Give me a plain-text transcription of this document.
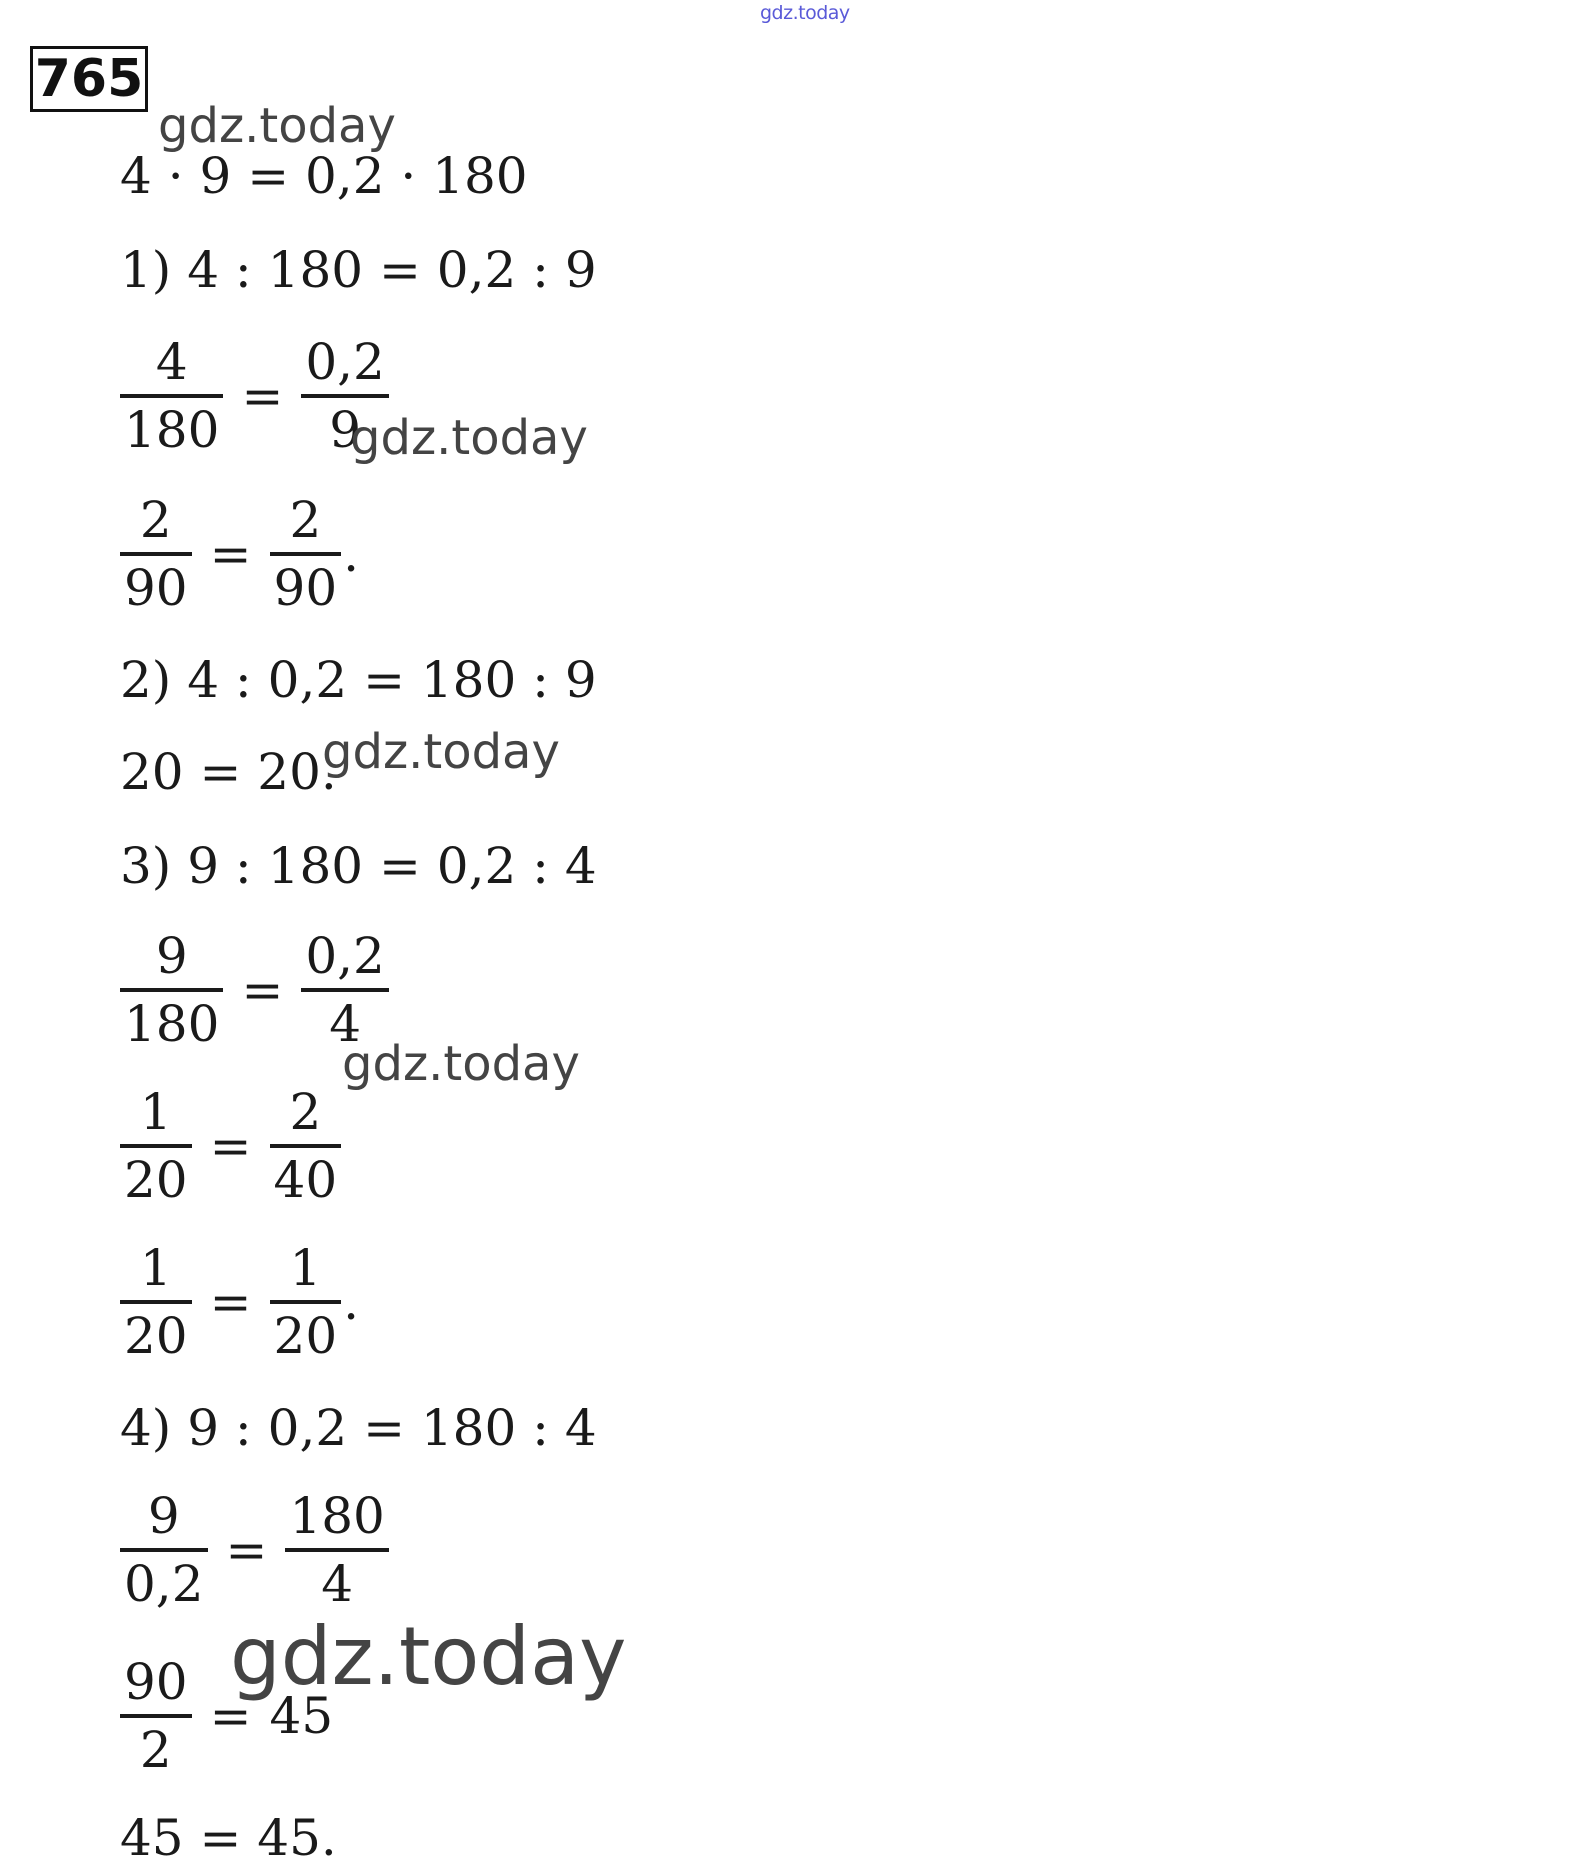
gdz.today
765
gdz.today
4 · 9 = 0,2 · 180
1) 4 : 180 = 0,2 : 9
$\frac{4}{180} = \frac{0,2}{9}$
gdz.today
$\frac{2}{90} = \frac{2}{90}$ .
2) 4 : 0,2 = 180 : 9
20 = 20.
gdz.today
3) 9 : 180 = 0,2 : 4
$\frac{9}{180} = \frac{0,2}{4}$
gdz.today
$\frac{1}{20} = \frac{2}{40}$
$\frac{1}{20} = \frac{1}{20}$ .
4) 9 : 0,2 = 180 : 4
$\frac{9}{0,2} = \frac{180}{4}$
gdz.today
$\frac{90}{2} = 45$
45 = 45.
